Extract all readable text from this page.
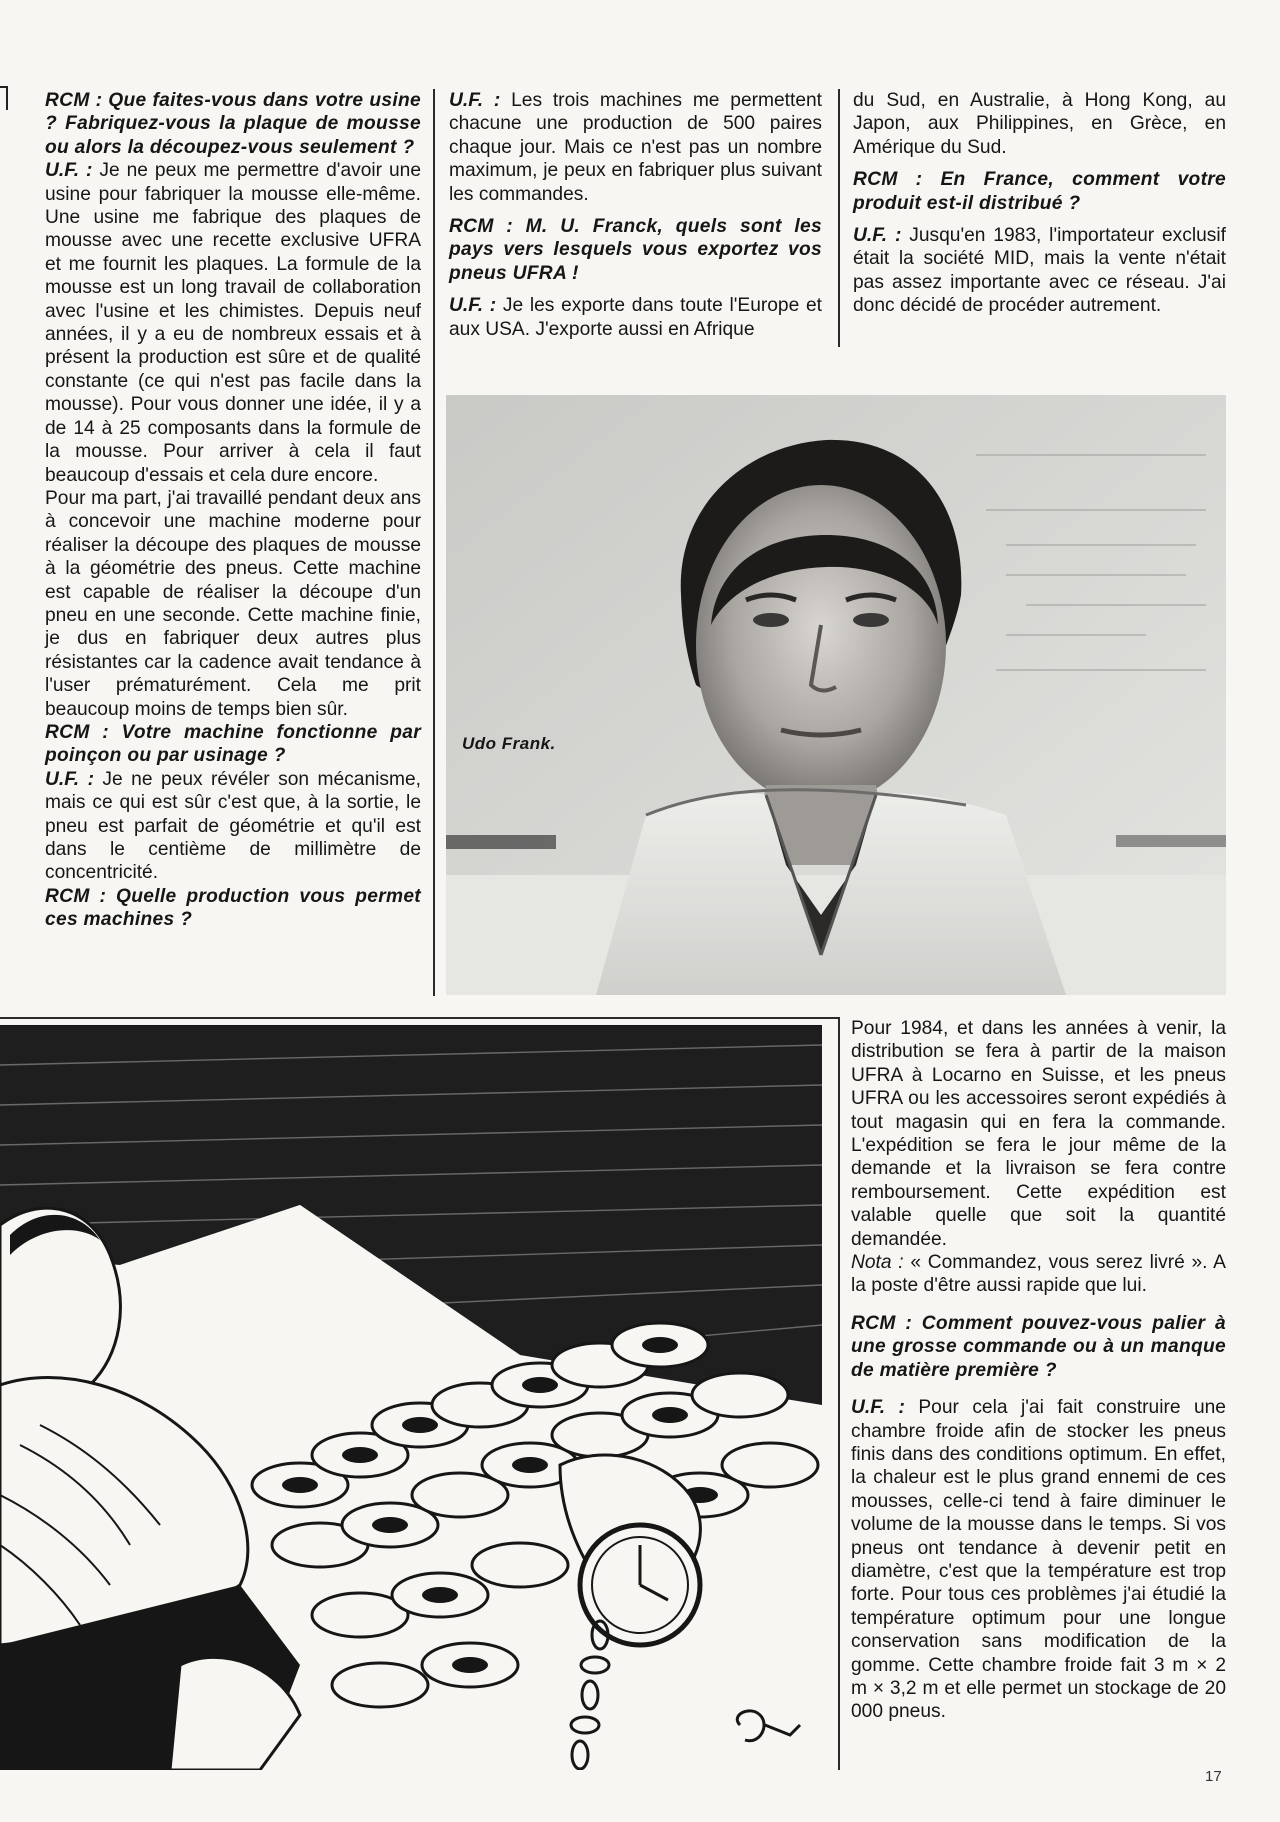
RCM : Que faites-vous dans votre usine ? Fabriquez-vous la plaque de mousse ou alors la découpez-vous seulement ?

U.F. : Je ne peux me permettre d'avoir une usine pour fabriquer la mousse elle-même. Une usine me fabrique des plaques de mousse avec une recette exclusive UFRA et me fournit les plaques. La formule de la mousse est un long travail de collaboration avec l'usine et les chimistes. Depuis neuf années, il y a eu de nombreux essais et à présent la production est sûre et de qualité constante (ce qui n'est pas facile dans la mousse). Pour vous donner une idée, il y a de 14 à 25 composants dans la formule de la mousse. Pour arriver à cela il faut beaucoup d'essais et cela dure encore.

Pour ma part, j'ai travaillé pendant deux ans à concevoir une machine moderne pour réaliser la découpe des plaques de mousse à la géométrie des pneus. Cette machine est capable de réaliser la découpe d'un pneu en une seconde. Cette machine finie, je dus en fabriquer deux autres plus résistantes car la cadence avait tendance à l'user prématurément. Cela me prit beaucoup moins de temps bien sûr.

RCM : Votre machine fonctionne par poinçon ou par usinage ?

U.F. : Je ne peux révéler son mécanisme, mais ce qui est sûr c'est que, à la sortie, le pneu est parfait de géométrie et qu'il est dans le centième de millimètre de concentricité.

RCM : Quelle production vous permet ces machines ?

U.F. : Les trois machines me permettent chacune une production de 500 paires chaque jour. Mais ce n'est pas un nombre maximum, je peux en fabriquer plus suivant les commandes.

RCM : M. U. Franck, quels sont les pays vers lesquels vous exportez vos pneus UFRA !

U.F. : Je les exporte dans toute l'Europe et aux USA. J'exporte aussi en Afrique

du Sud, en Australie, à Hong Kong, au Japon, aux Philippines, en Grèce, en Amérique du Sud.

RCM : En France, comment votre produit est-il distribué ?

U.F. : Jusqu'en 1983, l'importateur exclusif était la société MID, mais la vente n'était pas assez importante avec ce réseau. J'ai donc décidé de procéder autrement.

Udo Frank.

Pour 1984, et dans les années à venir, la distribution se fera à partir de la maison UFRA à Locarno en Suisse, et les pneus UFRA ou les accessoires seront expédiés à tout magasin qui en fera la commande. L'expédition se fera le jour même de la demande et la livraison se fera contre remboursement. Cette expédition est valable quelle que soit la quantité demandée.

Nota : « Commandez, vous serez livré ». A la poste d'être aussi rapide que lui.

RCM : Comment pouvez-vous palier à une grosse commande ou à un manque de matière première ?

U.F. : Pour cela j'ai fait construire une chambre froide afin de stocker les pneus finis dans des conditions optimum. En effet, la chaleur est le plus grand ennemi de ces mousses, celle-ci tend à faire diminuer le volume de la mousse dans le temps. Si vos pneus ont tendance à devenir petit en diamètre, c'est que la température est trop forte. Pour tous ces problèmes j'ai étudié la température optimum pour une longue conservation sans modification de la gomme. Cette chambre froide fait 3 m × 2 m × 3,2 m et elle permet un stockage de 20 000 pneus.

17
